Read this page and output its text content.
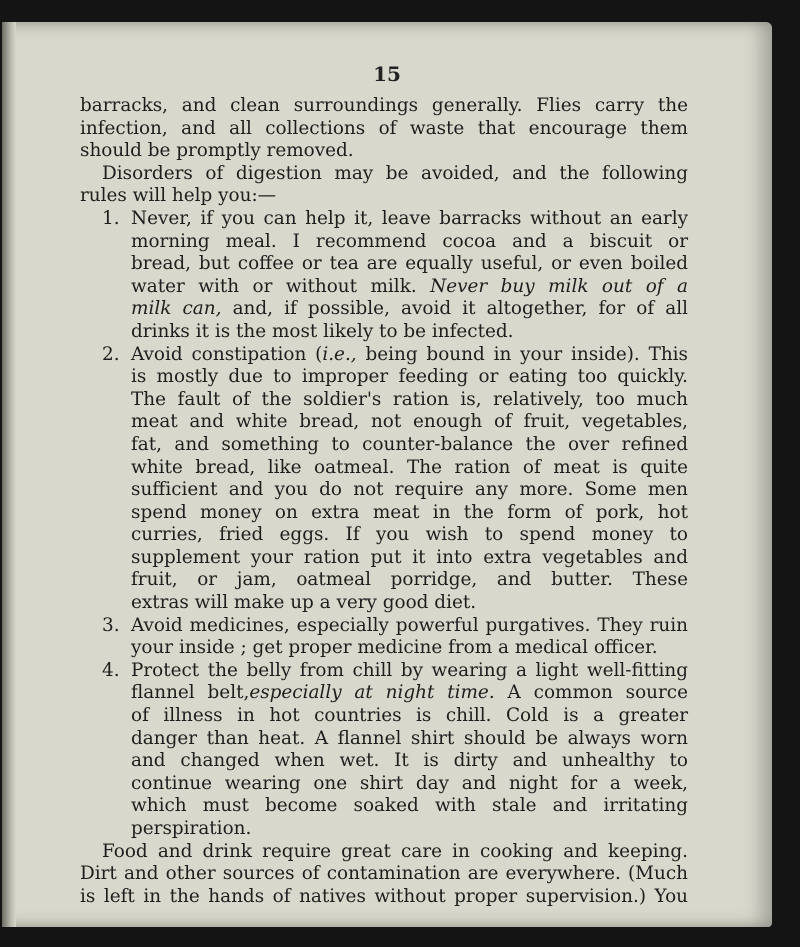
15
barracks, and clean surroundings generally. Flies carry the
infection, and all collections of waste that encourage them
should be promptly removed.
Disorders of digestion may be avoided, and the following
rules will help you:—
1. Never, if you can help it, leave barracks without an early
morning meal. I recommend cocoa and a biscuit or
bread, but coffee or tea are equally useful, or even boiled
water with or without milk. Never buy milk out of a
milk can, and, if possible, avoid it altogether, for of all
drinks it is the most likely to be infected.
2. Avoid constipation (i.e., being bound in your inside). This
is mostly due to improper feeding or eating too quickly.
The fault of the soldier's ration is, relatively, too much
meat and white bread, not enough of fruit, vegetables,
fat, and something to counter-balance the over refined
white bread, like oatmeal. The ration of meat is quite
sufficient and you do not require any more. Some men
spend money on extra meat in the form of pork, hot
curries, fried eggs. If you wish to spend money to
supplement your ration put it into extra vegetables and
fruit, or jam, oatmeal porridge, and butter. These
extras will make up a very good diet.
3. Avoid medicines, especially powerful purgatives. They ruin
your inside ; get proper medicine from a medical officer.
4. Protect the belly from chill by wearing a light well-fitting
flannel belt,especially at night time. A common source
of illness in hot countries is chill. Cold is a greater
danger than heat. A flannel shirt should be always worn
and changed when wet. It is dirty and unhealthy to
continue wearing one shirt day and night for a week,
which must become soaked with stale and irritating
perspiration.
Food and drink require great care in cooking and keeping.
Dirt and other sources of contamination are everywhere. (Much
is left in the hands of natives without proper supervision.) You
